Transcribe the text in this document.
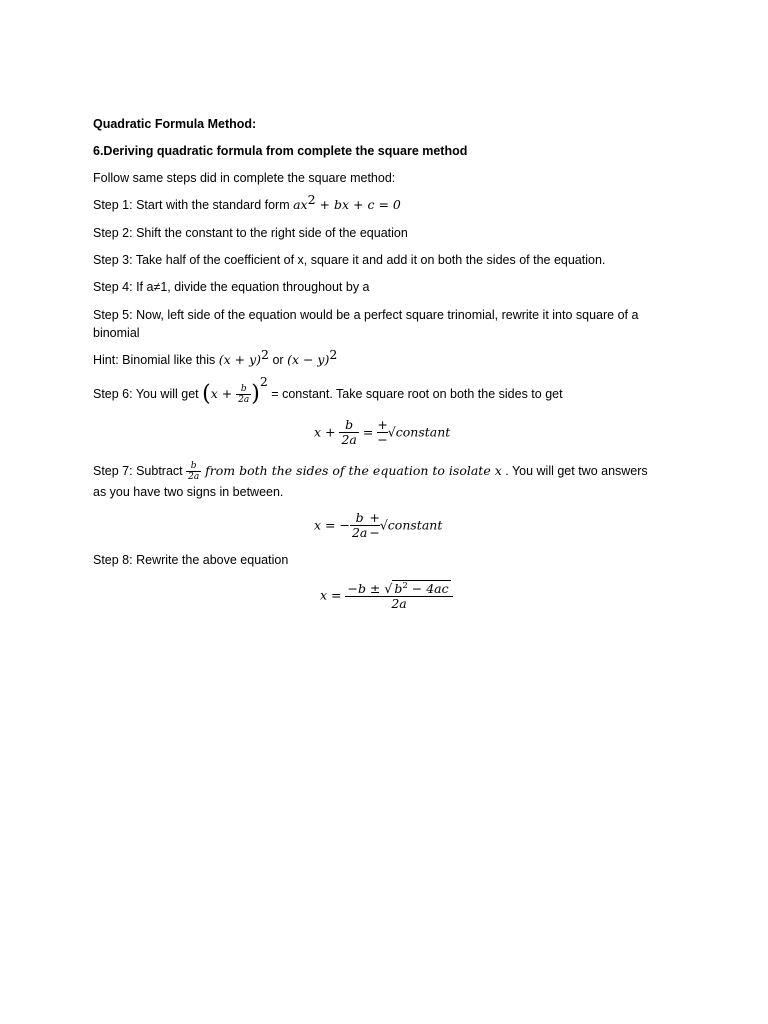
Quadratic Formula Method:
6.Deriving quadratic formula from complete the square method
Follow same steps did in complete the square method:
Step 1: Start with the standard form $ax^2$ + bx + c = 0
Step 2: Shift the constant to the right side of the equation
Step 3: Take half of the coefficient of x, square it and add it on both the sides of the equation.
Step 4: If a≠1, divide the equation throughout by a
Step 5: Now, left side of the equation would be a perfect square trinomial, rewrite it into square of a
binomial
Hint: Binomial like this $(x + y)^2$ or $(x - y)^2$
Step 6: You will get $(x + \frac{b}{2a} )^2$ = constant. Take square root on both the sides to get
$x + \frac{b}{2a}$ = +
−
√constant
Step 7: Subtract $\frac{b}{2a}$ from both the sides of the equation to isolate x . You will get two answers
as you have two signs in between.
x = − $\frac{b}{2a}$ +
−
√constant
Step 8: Rewrite the above equation
$x = \frac{-b \pm √ b^2 - 4ac}{2a}$
